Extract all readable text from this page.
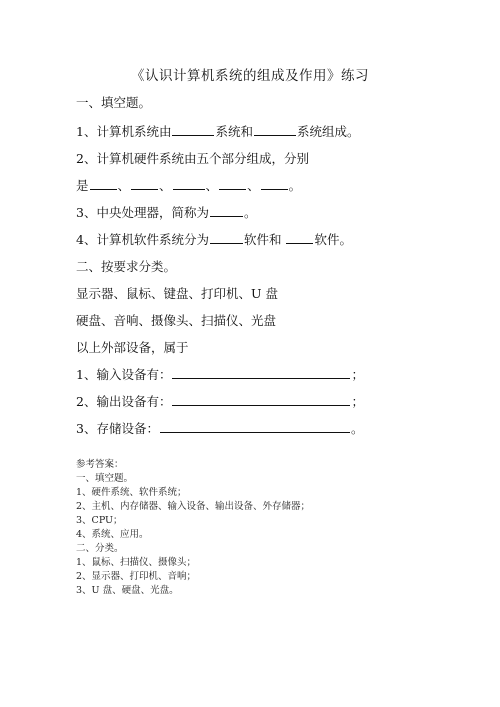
《认识计算机系统的组成及作用》练习
一、填空题。
1、计算机系统由	系统和	系统组成。
2、计算机硬件系统由五个部分组成，分别
是 、 、	、 、 。
3、中央处理器，简称为	。
4、计算机软件系统分为	软件和	软件。
二、按要求分类。
显示器、鼠标、键盘、打印机、U 盘
硬盘、音响、摄像头、扫描仪、光盘
以上外部设备，属于
1、输入设备有：	；
2、输出设备有：	；
3、存储设备：	。
参考答案：
一、填空题。
1、硬件系统、软件系统；
2、主机、内存储器、输入设备、输出设备、外存储器；
3、CPU；
4、系统、应用。
二、分类。
1、鼠标、扫描仪、摄像头；
2、显示器、打印机、音响；
3、U 盘、硬盘、光盘。
